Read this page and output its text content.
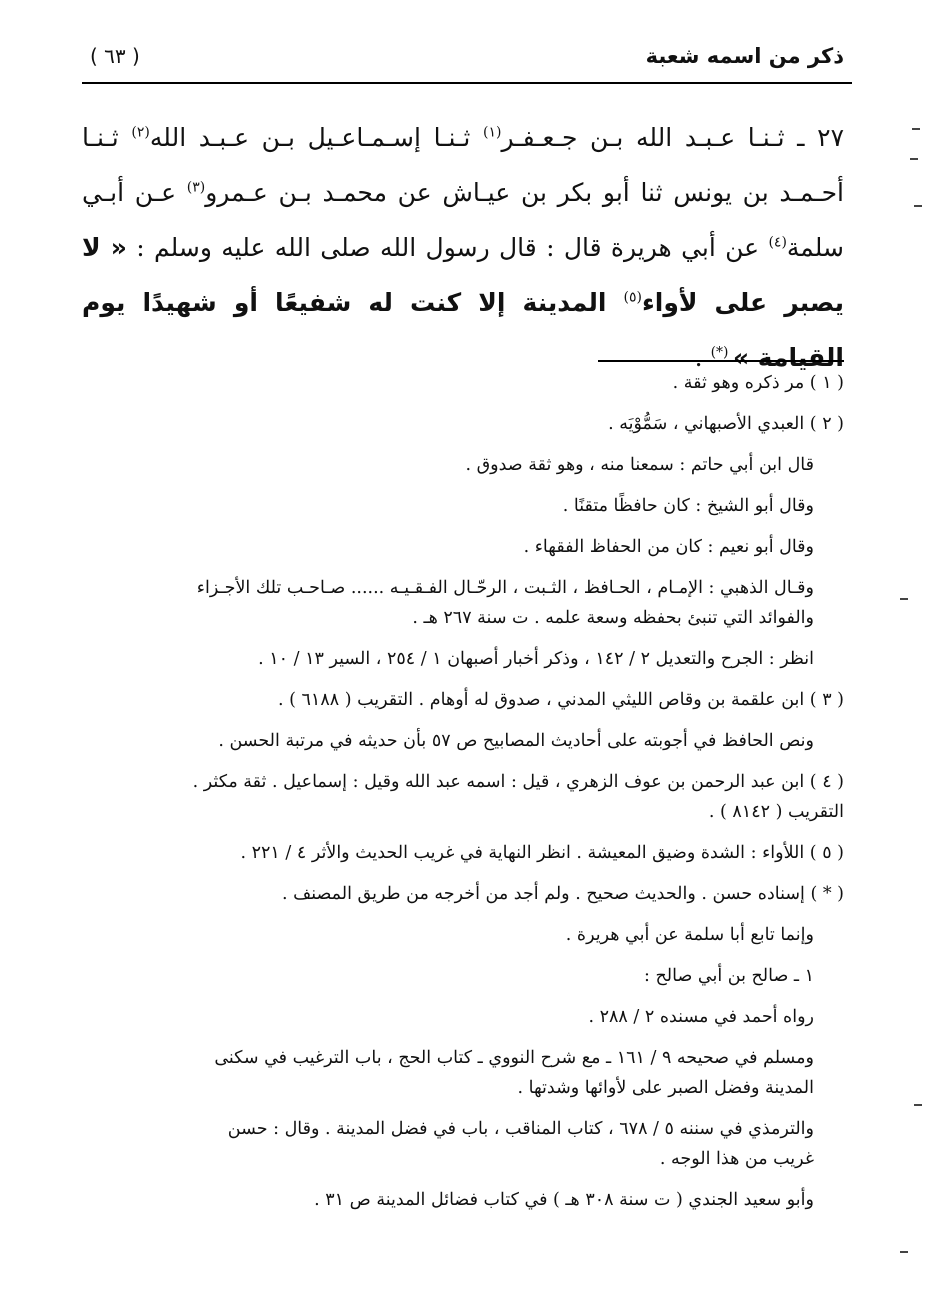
ذكر من اسمه شعبة
( ٦٣ )

٢٧ ـ ثـنـا عـبـد الله بـن جـعـفـر$^{(١)}$ ثـنـا إسـمـاعـيل بـن عـبـد الله$^{(٢)}$ ثـنـا أحـمـد بن يونس ثنا أبو بكر بن عيـاش عن محمـد بـن عـمرو$^{(٣)}$ عـن أبـي سلمة$^{(٤)}$ عن أبي هريرة قال : قال رسول الله صلى الله عليه وسلم : « لا يصبر على لأواء$^{(٥)}$ المدينة إلا كنت له شفيعًا أو شهيدًا يوم القيامة » (*) .

( ١ ) مر ذكره وهو ثقة .
( ٢ ) العبدي الأصبهاني ، سَمُّوْيَه .
قال ابن أبي حاتم : سمعنا منه ، وهو ثقة صدوق .
وقال أبو الشيخ : كان حافظًا متقنًا .
وقال أبو نعيم : كان من الحفاظ الفقهاء .
وقـال الذهبي : الإمـام ، الحـافظ ، الثـبت ، الرحّـال الفـقـيـه ...... صـاحـب تلك الأجـزاء
والفوائد التي تنبئ بحفظه وسعة علمه . ت سنة ٢٦٧ هـ .
انظر : الجرح والتعديل ٢ / ١٤٢ ، وذكر أخبار أصبهان ١ / ٢٥٤ ، السير ١٣ / ١٠ .
( ٣ ) ابن علقمة بن وقاص الليثي المدني ، صدوق له أوهام . التقريب ( ٦١٨٨ ) .
ونص الحافظ في أجوبته على أحاديث المصابيح ص ٥٧ بأن حديثه في مرتبة الحسن .
( ٤ ) ابن عبد الرحمن بن عوف الزهري ، قيل : اسمه عبد الله وقيل : إسماعيل . ثقة مكثر .
التقريب ( ٨١٤٢ ) .
( ٥ ) اللأواء : الشدة وضيق المعيشة . انظر النهاية في غريب الحديث والأثر ٤ / ٢٢١ .
( * ) إسناده حسن . والحديث صحيح . ولم أجد من أخرجه من طريق المصنف .
وإنما تابع أبا سلمة عن أبي هريرة .
١ ـ صالح بن أبي صالح :
رواه أحمد في مسنده ٢ / ٢٨٨ .
ومسلم في صحيحه ٩ / ١٦١ ـ مع شرح النووي ـ كتاب الحج ، باب الترغيب في سكنى
المدينة وفضل الصبر على لأوائها وشدتها .
والترمذي في سننه ٥ / ٦٧٨ ، كتاب المناقب ، باب في فضل المدينة . وقال : حسن
غريب من هذا الوجه .
وأبو سعيد الجندي ( ت سنة ٣٠٨ هـ ) في كتاب فضائل المدينة ص ٣١ .
